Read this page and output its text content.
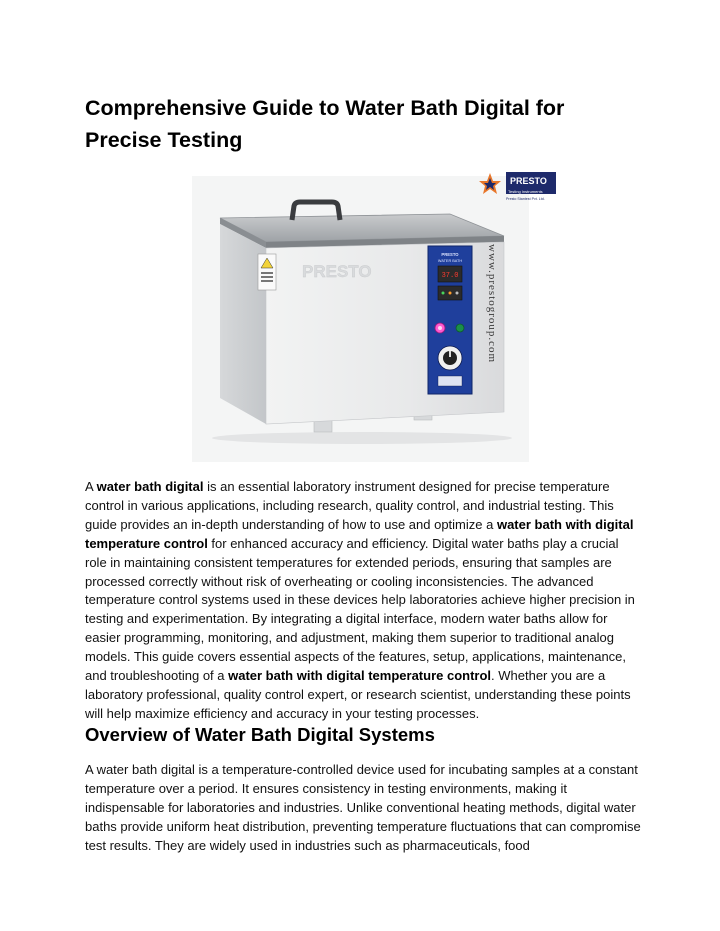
Comprehensive Guide to Water Bath Digital for Precise Testing
PRESTO
PRESTO
WATER BATH
37.0	www.prestogroup.com
PRESTO
Testing Instruments
Presto Stantest Pvt. Ltd.

A water bath digital is an essential laboratory instrument designed for precise temperature control in various applications, including research, quality control, and industrial testing. This guide provides an in-depth understanding of how to use and optimize a water bath with digital temperature control for enhanced accuracy and efficiency. Digital water baths play a crucial role in maintaining consistent temperatures for extended periods, ensuring that samples are processed correctly without risk of overheating or cooling inconsistencies. The advanced temperature control systems used in these devices help laboratories achieve higher precision in testing and experimentation. By integrating a digital interface, modern water baths allow for easier programming, monitoring, and adjustment, making them superior to traditional analog models. This guide covers essential aspects of the features, setup, applications, maintenance, and troubleshooting of a water bath with digital temperature control. Whether you are a laboratory professional, quality control expert, or research scientist, understanding these points will help maximize efficiency and accuracy in your testing processes.

Overview of Water Bath Digital Systems

A water bath digital is a temperature-controlled device used for incubating samples at a constant temperature over a period. It ensures consistency in testing environments, making it indispensable for laboratories and industries. Unlike conventional heating methods, digital water baths provide uniform heat distribution, preventing temperature fluctuations that can compromise test results. They are widely used in industries such as pharmaceuticals, food
